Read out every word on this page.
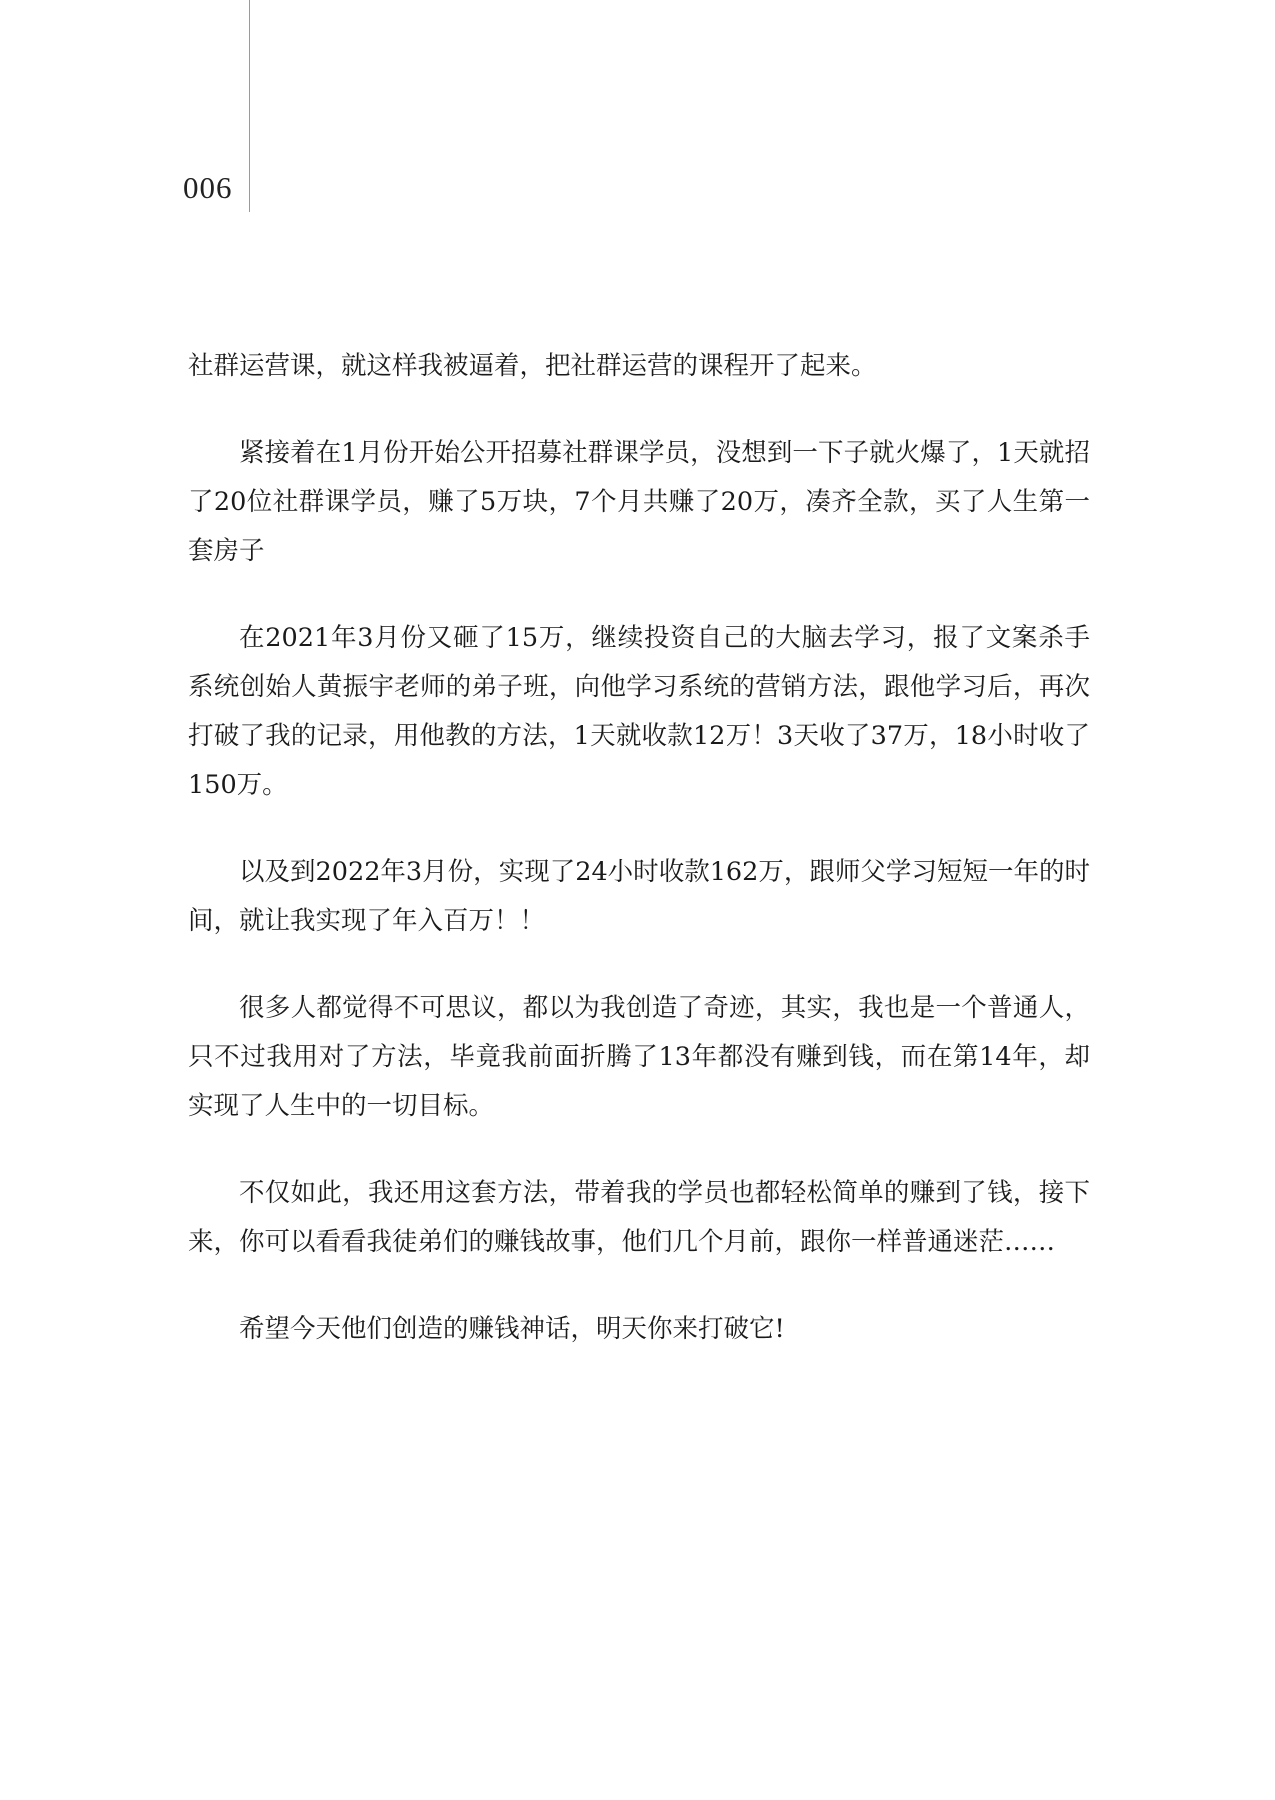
006

社群运营课，就这样我被逼着，把社群运营的课程开了起来。

紧接着在1月份开始公开招募社群课学员，没想到一下子就火爆了，1天就招了20位社群课学员，赚了5万块，7个月共赚了20万，凑齐全款，买了人生第一套房子

在2021年3月份又砸了15万，继续投资自己的大脑去学习，报了文案杀手系统创始人黄振宇老师的弟子班，向他学习系统的营销方法，跟他学习后，再次打破了我的记录，用他教的方法，1天就收款12万！3天收了37万，18小时收了150万。

以及到2022年3月份，实现了24小时收款162万，跟师父学习短短一年的时间，就让我实现了年入百万！！

很多人都觉得不可思议，都以为我创造了奇迹，其实，我也是一个普通人，只不过我用对了方法，毕竟我前面折腾了13年都没有赚到钱，而在第14年，却实现了人生中的一切目标。

不仅如此，我还用这套方法，带着我的学员也都轻松简单的赚到了钱，接下来，你可以看看我徒弟们的赚钱故事，他们几个月前，跟你一样普通迷茫……

希望今天他们创造的赚钱神话，明天你来打破它!
